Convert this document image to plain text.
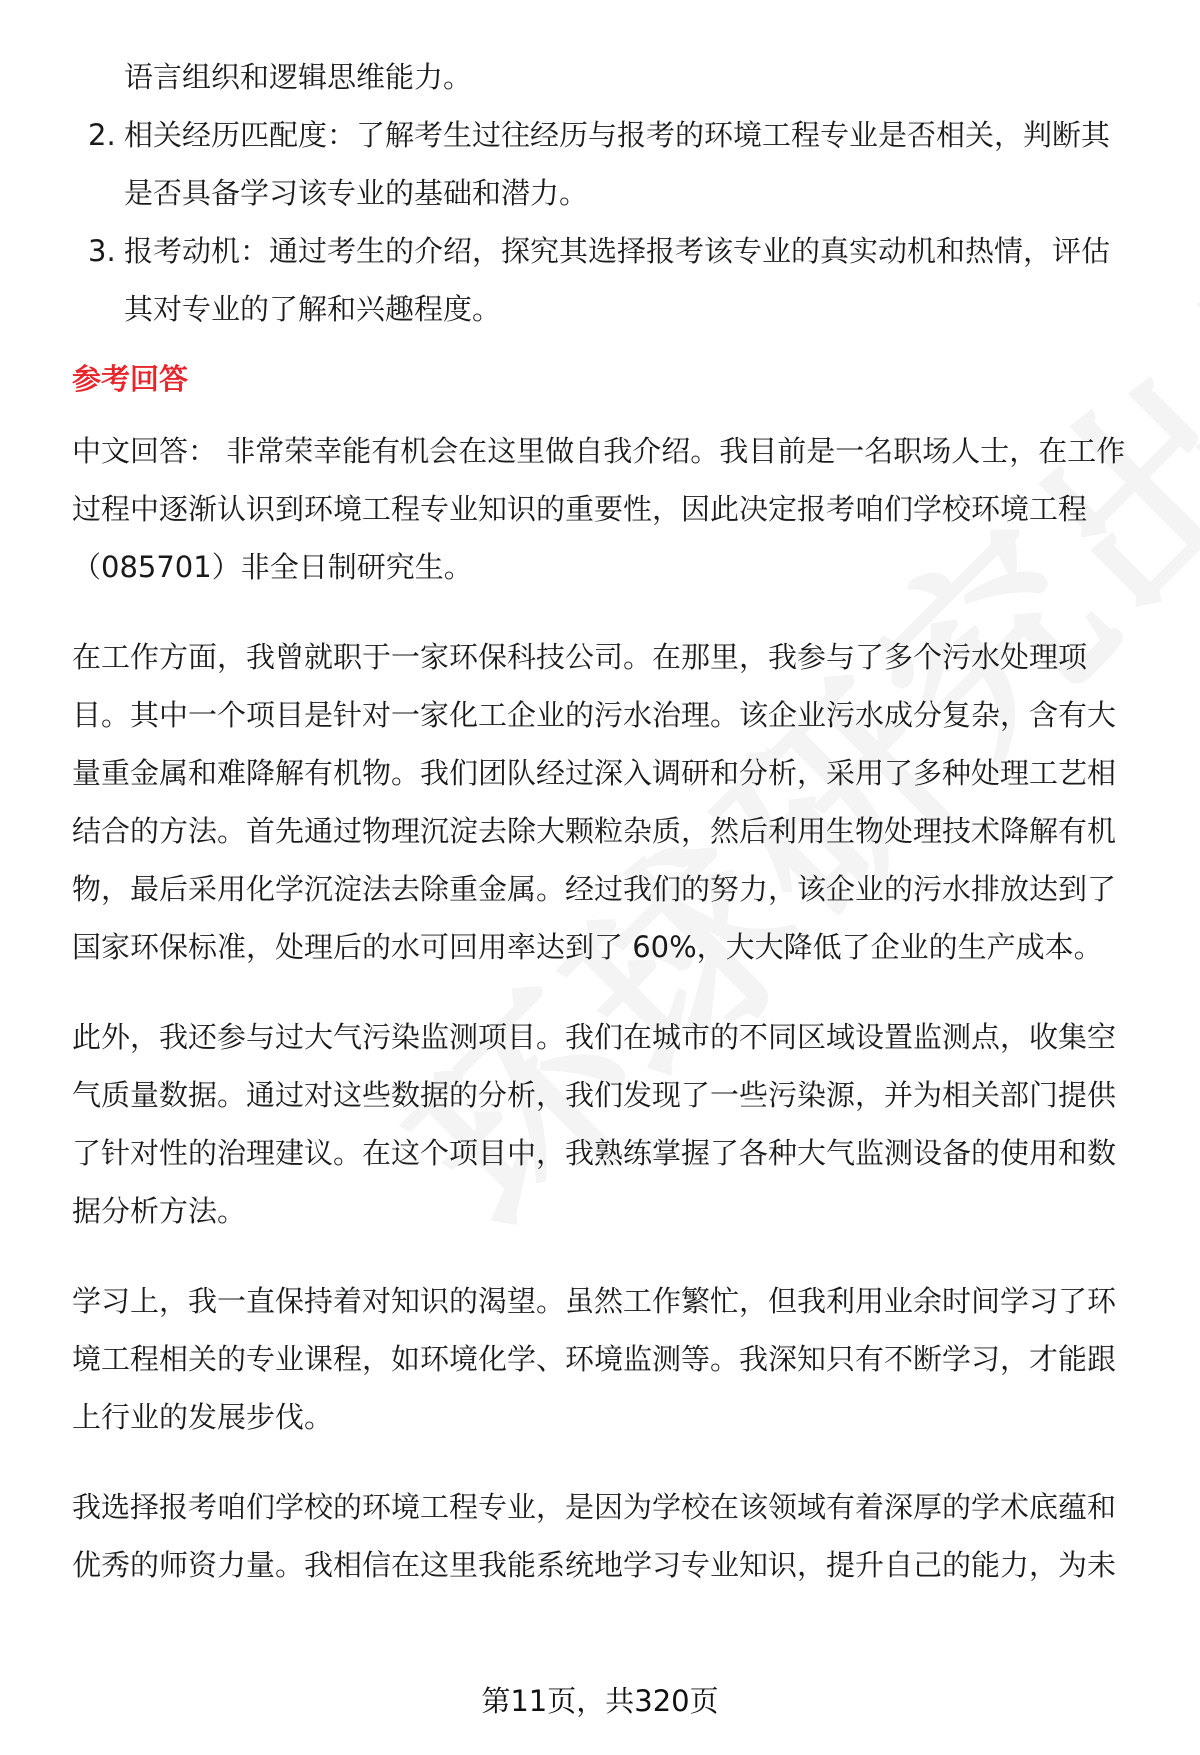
语言组织和逻辑思维能力。
2. 相关经历匹配度：了解考生过往经历与报考的环境工程专业是否相关，判断其
是否具备学习该专业的基础和潜力。
3. 报考动机：通过考生的介绍，探究其选择报考该专业的真实动机和热情，评估
其对专业的了解和兴趣程度。
参考回答
中文回答： 非常荣幸能有机会在这里做自我介绍。我目前是一名职场人士，在工作
过程中逐渐认识到环境工程专业知识的重要性，因此决定报考咱们学校环境工程
（085701）非全日制研究生。
在工作方面，我曾就职于一家环保科技公司。在那里，我参与了多个污水处理项
目。其中一个项目是针对一家化工企业的污水治理。该企业污水成分复杂，含有大
量重金属和难降解有机物。我们团队经过深入调研和分析，采用了多种处理工艺相
结合的方法。首先通过物理沉淀去除大颗粒杂质，然后利用生物处理技术降解有机
物，最后采用化学沉淀法去除重金属。经过我们的努力，该企业的污水排放达到了
国家环保标准，处理后的水可回用率达到了 60%，大大降低了企业的生产成本。
此外，我还参与过大气污染监测项目。我们在城市的不同区域设置监测点，收集空
气质量数据。通过对这些数据的分析，我们发现了一些污染源，并为相关部门提供
了针对性的治理建议。在这个项目中，我熟练掌握了各种大气监测设备的使用和数
据分析方法。
学习上，我一直保持着对知识的渴望。虽然工作繁忙，但我利用业余时间学习了环
境工程相关的专业课程，如环境化学、环境监测等。我深知只有不断学习，才能跟
上行业的发展步伐。
我选择报考咱们学校的环境工程专业，是因为学校在该领域有着深厚的学术底蕴和
优秀的师资力量。我相信在这里我能系统地学习专业知识，提升自己的能力，为未
第11页，共320页
